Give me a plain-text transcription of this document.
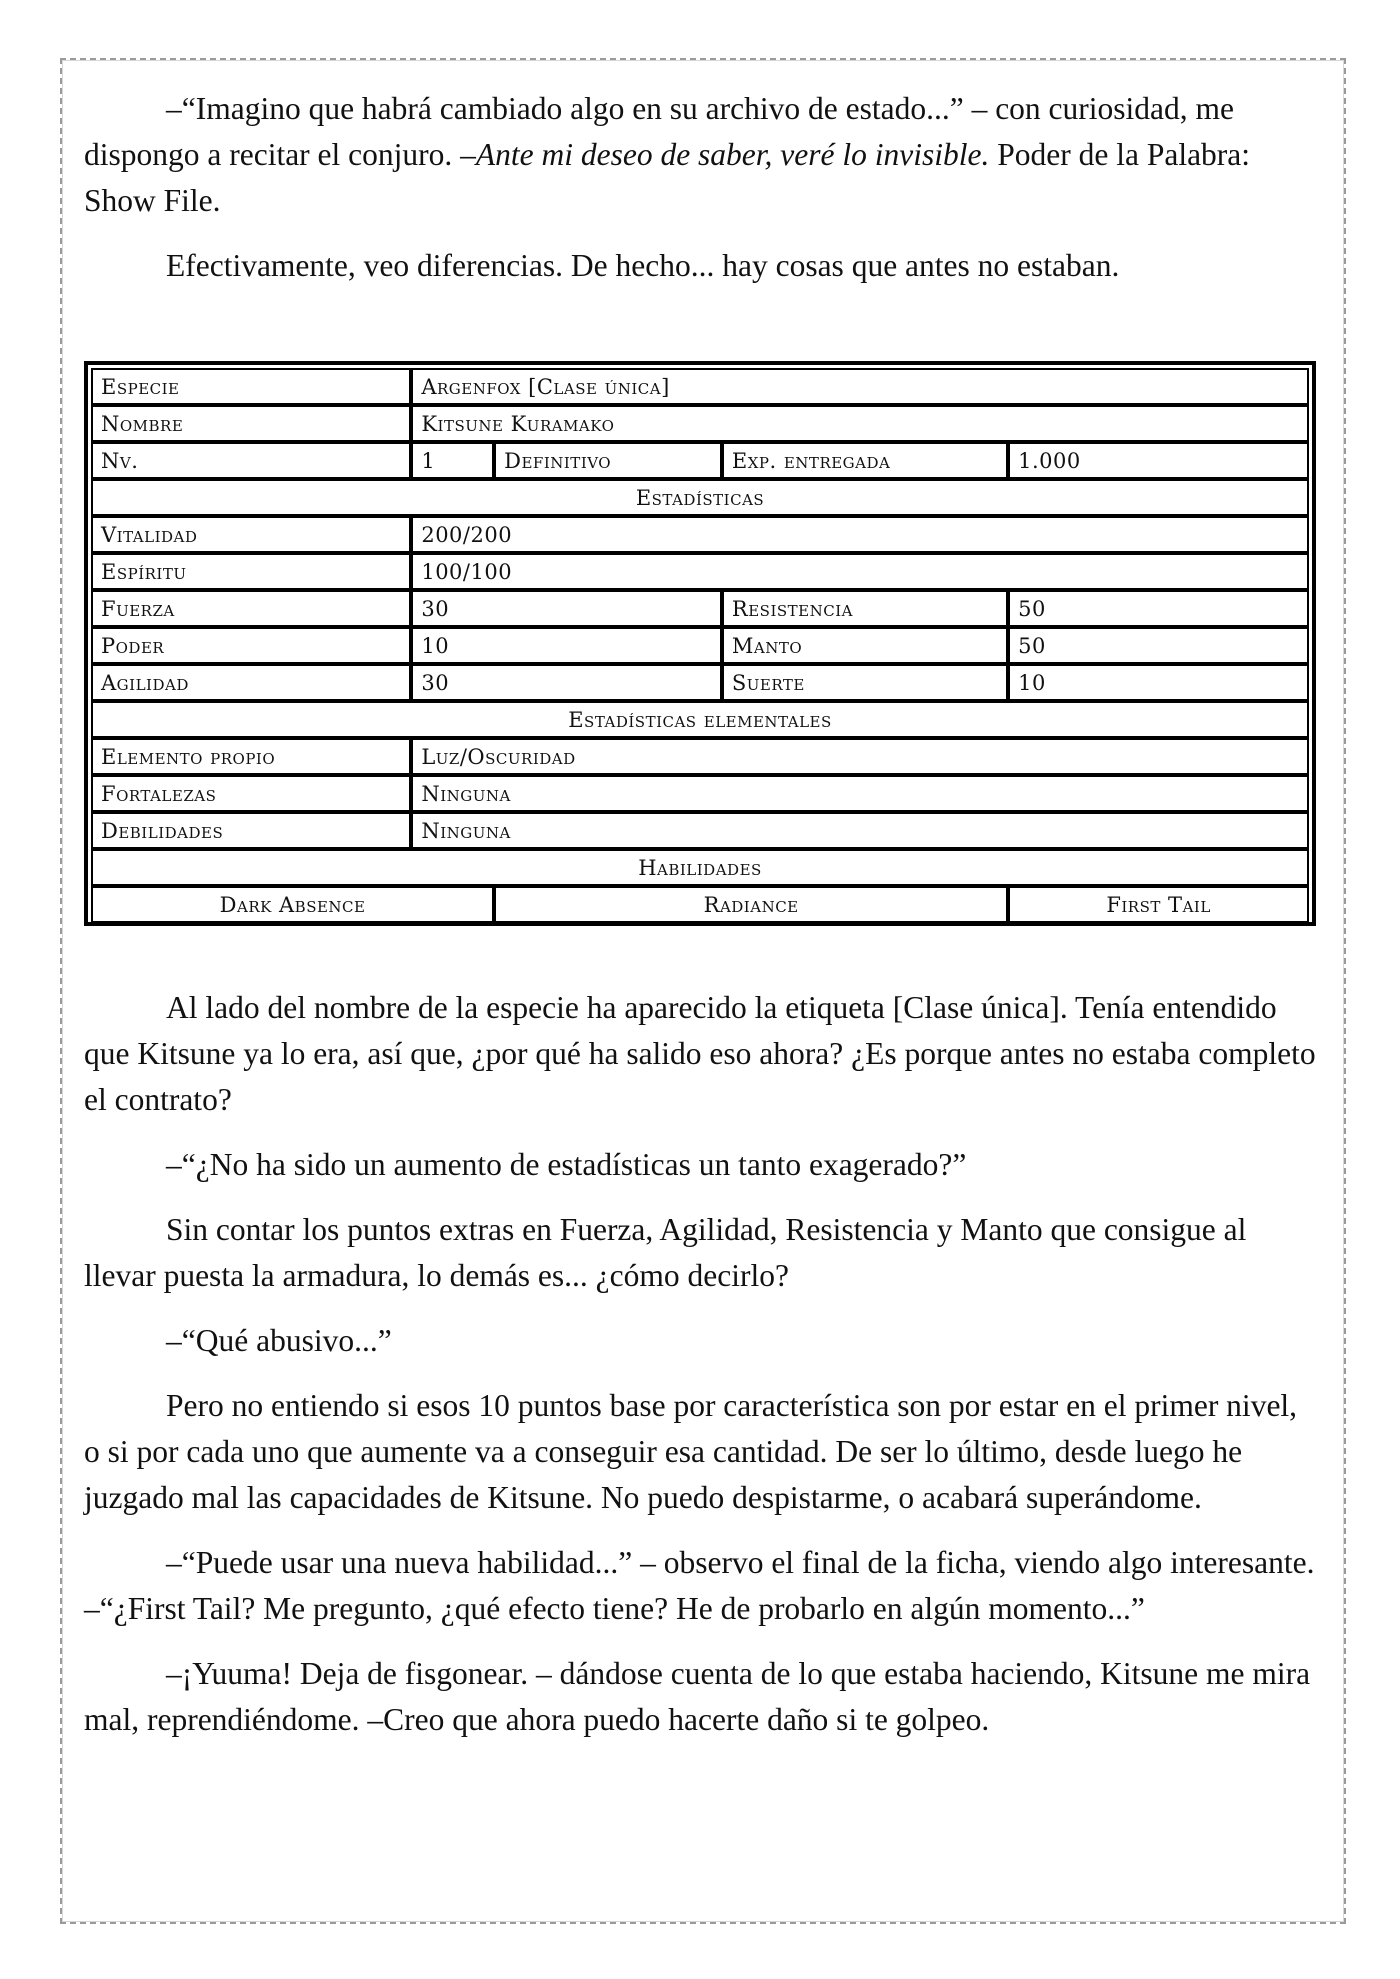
–“Imagino que habrá cambiado algo en su archivo de estado...” – con curiosidad, me dispongo a recitar el conjuro. –Ante mi deseo de saber, veré lo invisible. Poder de la Palabra: Show File.

Efectivamente, veo diferencias. De hecho... hay cosas que antes no estaban.

Especie	Argenfox [Clase única]			
Nombre	Kitsune Kuramako			
Nv.	1	Definitivo	Exp. entregada	1.000
Estadísticas				
Vitalidad	200/200			
Espíritu	100/100			
Fuerza	30		Resistencia	50
Poder	10		Manto	50
Agilidad	30		Suerte	10
Estadísticas elementales				
Elemento propio	Luz/Oscuridad			
Fortalezas	Ninguna			
Debilidades	Ninguna			
Habilidades				
Dark Absence		Radiance		First Tail

Al lado del nombre de la especie ha aparecido la etiqueta [Clase única]. Tenía entendido que Kitsune ya lo era, así que, ¿por qué ha salido eso ahora? ¿Es porque antes no estaba completo el contrato?

–“¿No ha sido un aumento de estadísticas un tanto exagerado?”

Sin contar los puntos extras en Fuerza, Agilidad, Resistencia y Manto que consigue al llevar puesta la armadura, lo demás es... ¿cómo decirlo?

–“Qué abusivo...”

Pero no entiendo si esos 10 puntos base por característica son por estar en el primer nivel, o si por cada uno que aumente va a conseguir esa cantidad. De ser lo último, desde luego he juzgado mal las capacidades de Kitsune. No puedo despistarme, o acabará superándome.

–“Puede usar una nueva habilidad...” – observo el final de la ficha, viendo algo interesante. –“¿First Tail? Me pregunto, ¿qué efecto tiene? He de probarlo en algún momento...”

–¡Yuuma! Deja de fisgonear. – dándose cuenta de lo que estaba haciendo, Kitsune me mira mal, reprendiéndome. –Creo que ahora puedo hacerte daño si te golpeo.
